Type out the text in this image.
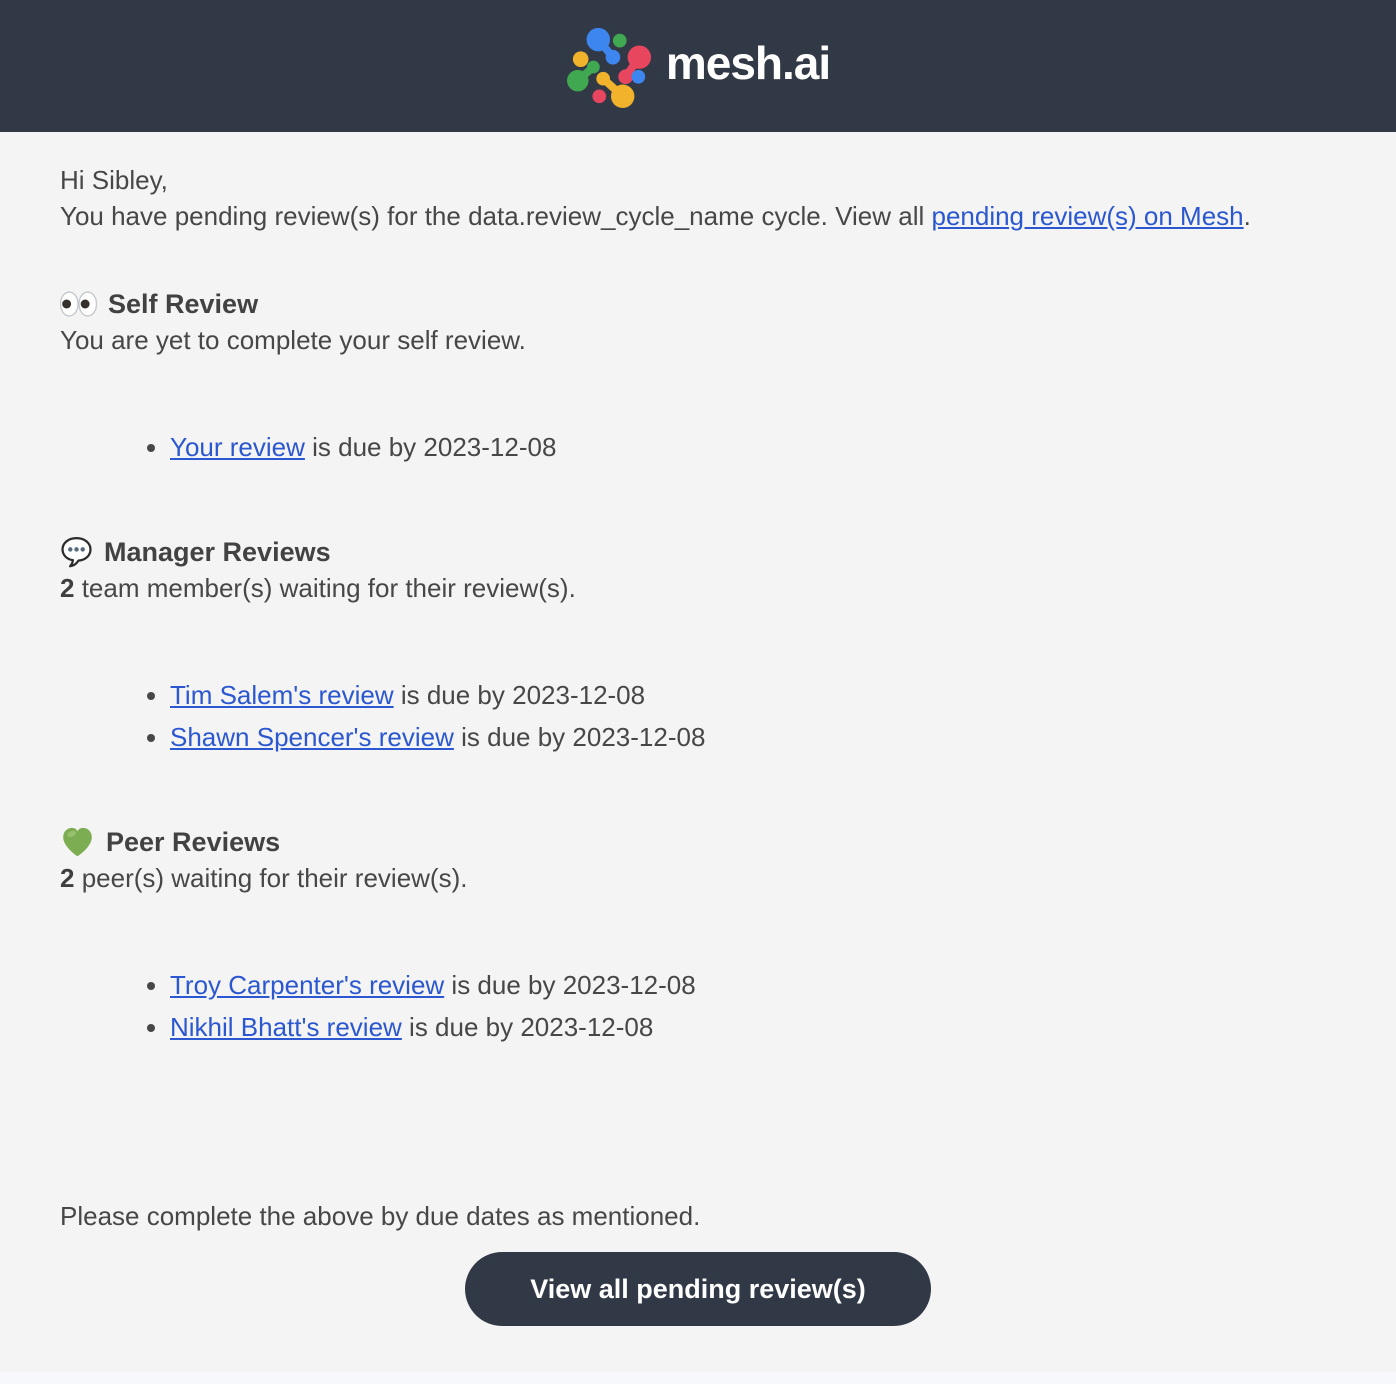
mesh.ai

Hi Sibley,

You have pending review(s) for the data.review_cycle_name cycle. View all pending review(s) on Mesh.

Self Review
You are yet to complete your self review.
• Your review is due by 2023-12-08
Manager Reviews
2 team member(s) waiting for their review(s).
• Tim Salem's review is due by 2023-12-08
• Shawn Spencer's review is due by 2023-12-08
Peer Reviews
2 peer(s) waiting for their review(s).
• Troy Carpenter's review is due by 2023-12-08
• Nikhil Bhatt's review is due by 2023-12-08

Please complete the above by due dates as mentioned.

View all pending review(s)
